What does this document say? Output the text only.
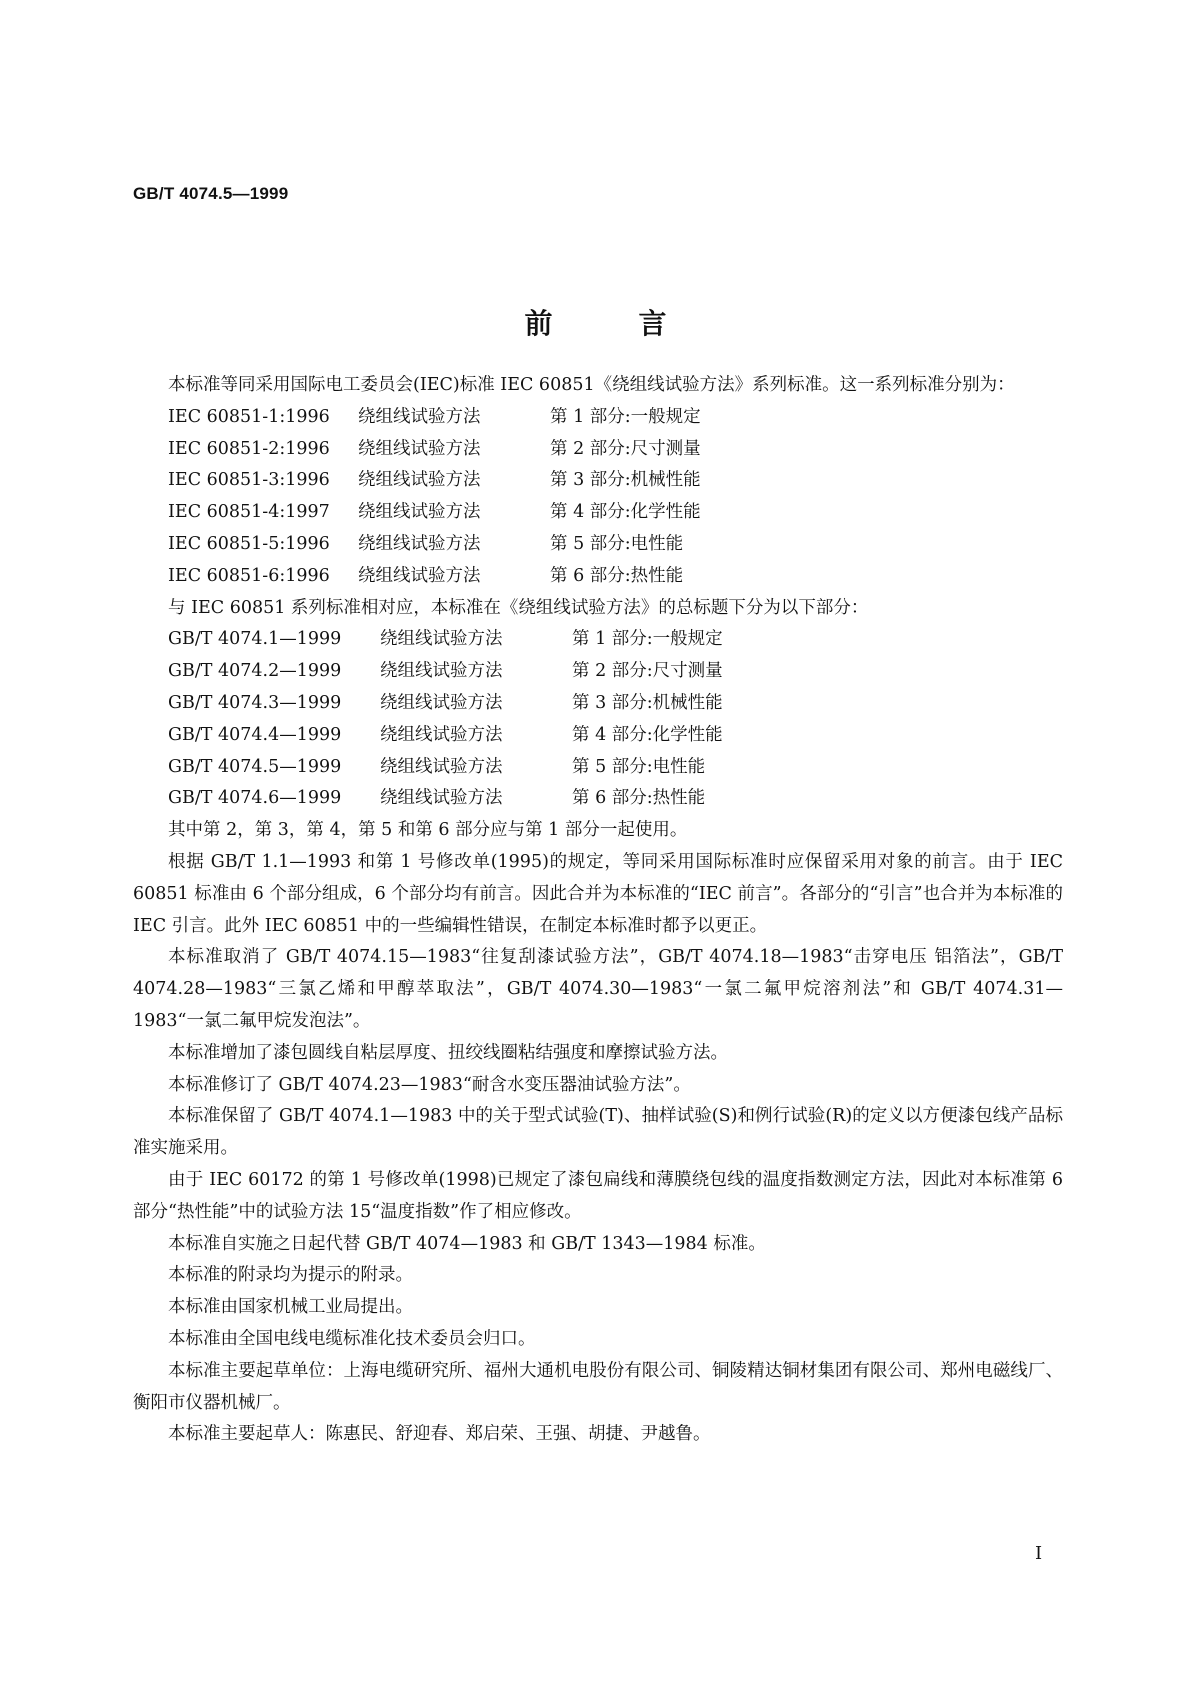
GB/T 4074.5—1999
前	言

本标准等同采用国际电工委员会(IEC)标准 IEC 60851《绕组线试验方法》系列标准。这一系列标准分别为：

IEC 60851-1:1996 绕组线试验方法	第 1 部分:一般规定
IEC 60851-2:1996 绕组线试验方法	第 2 部分:尺寸测量
IEC 60851-3:1996 绕组线试验方法	第 3 部分:机械性能
IEC 60851-4:1997 绕组线试验方法	第 4 部分:化学性能
IEC 60851-5:1996 绕组线试验方法	第 5 部分:电性能
IEC 60851-6:1996 绕组线试验方法	第 6 部分:热性能

与 IEC 60851 系列标准相对应，本标准在《绕组线试验方法》的总标题下分为以下部分：

GB/T 4074.1—1999 绕组线试验方法	第 1 部分:一般规定
GB/T 4074.2—1999 绕组线试验方法	第 2 部分:尺寸测量
GB/T 4074.3—1999 绕组线试验方法	第 3 部分:机械性能
GB/T 4074.4—1999 绕组线试验方法	第 4 部分:化学性能
GB/T 4074.5—1999 绕组线试验方法	第 5 部分:电性能
GB/T 4074.6—1999 绕组线试验方法	第 6 部分:热性能

其中第 2，第 3，第 4，第 5 和第 6 部分应与第 1 部分一起使用。

根据 GB/T 1.1—1993 和第 1 号修改单(1995)的规定，等同采用国际标准时应保留采用对象的前言。由于 IEC 60851 标准由 6 个部分组成，6 个部分均有前言。因此合并为本标准的“IEC 前言”。各部分的“引言”也合并为本标准的 IEC 引言。此外 IEC 60851 中的一些编辑性错误，在制定本标准时都予以更正。

本标准取消了 GB/T 4074.15—1983“往复刮漆试验方法”，GB/T 4074.18—1983“击穿电压 铝箔法”，GB/T 4074.28—1983“三氯乙烯和甲醇萃取法”，GB/T 4074.30—1983“一氯二氟甲烷溶剂法”和 GB/T 4074.31—1983“一氯二氟甲烷发泡法”。

本标准增加了漆包圆线自粘层厚度、扭绞线圈粘结强度和摩擦试验方法。

本标准修订了 GB/T 4074.23—1983“耐含水变压器油试验方法”。

本标准保留了 GB/T 4074.1—1983 中的关于型式试验(T)、抽样试验(S)和例行试验(R)的定义以方便漆包线产品标准实施采用。

由于 IEC 60172 的第 1 号修改单(1998)已规定了漆包扁线和薄膜绕包线的温度指数测定方法，因此对本标准第 6 部分“热性能”中的试验方法 15“温度指数”作了相应修改。

本标准自实施之日起代替 GB/T 4074—1983 和 GB/T 1343—1984 标准。

本标准的附录均为提示的附录。

本标准由国家机械工业局提出。

本标准由全国电线电缆标准化技术委员会归口。

本标准主要起草单位：上海电缆研究所、福州大通机电股份有限公司、铜陵精达铜材集团有限公司、郑州电磁线厂、衡阳市仪器机械厂。

本标准主要起草人：陈惠民、舒迎春、郑启荣、王强、胡捷、尹越鲁。

I
